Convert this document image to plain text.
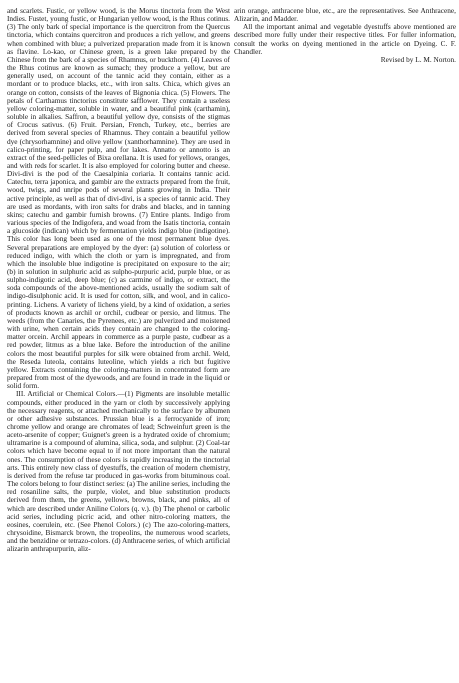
and scarlets. Fustic, or yellow wood, is the Morus tinctoria from the West Indies. Fustet, young fustic, or Hungarian yellow wood, is the Rhus cotinus. (3) The only bark of special importance is the quercitron from the Quercus tinctoria, which contains quercitron and produces a rich yellow, and greens when combined with blue; a pulverized preparation made from it is known as flavine. Lo-kao, or Chinese green, is a green lake prepared by the Chinese from the bark of a species of Rhamnus, or buckthorn. (4) Leaves of the Rhus cotinus are known as sumach; they produce a yellow, but are generally used, on account of the tannic acid they contain, either as a mordant or to produce blacks, etc., with iron salts. Chica, which gives an orange on cotton, consists of the leaves of Bignonia chica. (5) Flowers. The petals of Carthamus tinctorius constitute safflower. They contain a useless yellow coloring-matter, soluble in water, and a beautiful pink (carthamin), soluble in alkalies. Saffron, a beautiful yellow dye, consists of the stigmas of Crocus sativus. (6) Fruit. Persian, French, Turkey, etc., berries are derived from several species of Rhamnus. They contain a beautiful yellow dye (chrysorhamnine) and olive yellow (xanthorhamnine). They are used in calico-printing, for paper pulp, and for lakes. Annatto or annotto is an extract of the seed-pellicles of Bixa orellana. It is used for yellows, oranges, and with reds for scarlet. It is also employed for coloring butter and cheese. Divi-divi is the pod of the Caesalpinia coriaria. It contains tannic acid. Catechu, terra japonica, and gambir are the extracts prepared from the fruit, wood, twigs, and unripe pods of several plants growing in India. Their active principle, as well as that of divi-divi, is a species of tannic acid. They are used as mordants, with iron salts for drabs and blacks, and in tanning skins; catechu and gambir furnish browns. (7) Entire plants. Indigo from various species of the Indigofera, and woad from the Isatis tinctoria, contain a glucoside (indican) which by fermentation yields indigo blue (indigotine). This color has long been used as one of the most permanent blue dyes. Several preparations are employed by the dyer: (a) solution of colorless or reduced indigo, with which the cloth or yarn is impregnated, and from which the insoluble blue indigotine is precipitated on exposure to the air; (b) in solution in sulphuric acid as sulpho-purpuric acid, purple blue, or as sulpho-indigotic acid, deep blue; (c) as carmine of indigo, or extract, the soda compounds of the above-mentioned acids, usually the sodium salt of indigo-disulphonic acid. It is used for cotton, silk, and wool, and in calico-printing. Lichens. A variety of lichens yield, by a kind of oxidation, a series of products known as archil or orchil, cudbear or persio, and litmus. The weeds (from the Canaries, the Pyrenees, etc.) are pulverized and moistened with urine, when certain acids they contain are changed to the coloring-matter orcein. Archil appears in commerce as a purple paste, cudbear as a red powder, litmus as a blue lake. Before the introduction of the aniline colors the most beautiful purples for silk were obtained from archil. Weld, the Reseda luteola, contains luteoline, which yields a rich but fugitive yellow. Extracts containing the coloring-matters in concentrated form are prepared from most of the dyewoods, and are found in trade in the liquid or solid form.

III. Artificial or Chemical Colors.—(1) Pigments are insoluble metallic compounds, either produced in the yarn or cloth by successively applying the necessary reagents, or attached mechanically to the surface by albumen or other adhesive substances. Prussian blue is a ferrocyanide of iron; chrome yellow and orange are chromates of lead; Schweinfurt green is the aceto-arsenite of copper; Guignet's green is a hydrated oxide of chromium; ultramarine is a compound of alumina, silica, soda, and sulphur. (2) Coal-tar colors which have become equal to if not more important than the natural ones. The consumption of these colors is rapidly increasing in the tinctorial arts. This entirely new class of dyestuffs, the creation of modern chemistry, is derived from the refuse tar produced in gas-works from bituminous coal. The colors belong to four distinct series: (a) The aniline series, including the red rosaniline salts, the purple, violet, and blue substitution products derived from them, the greens, yellows, browns, black, and pinks, all of which are described under Aniline Colors (q. v.). (b) The phenol or carbolic acid series, including picric acid, and other nitro-coloring matters, the eosines, coerulein, etc. (See Phenol Colors.) (c) The azo-coloring-matters, chrysoidine, Bismarck brown, the tropeolins, the numerous wood scarlets, and the benzidine or tetrazo-colors. (d) Anthracene series, of which artificial alizarin anthrapurpurin, aliz-

arin orange, anthracene blue, etc., are the representatives. See Anthracene, Alizarin, and Madder.

All the important animal and vegetable dyestuffs above mentioned are described more fully under their respective titles. For fuller information, consult the works on dyeing mentioned in the article on Dyeing. C. F. Chandler.

Revised by L. M. Norton.
